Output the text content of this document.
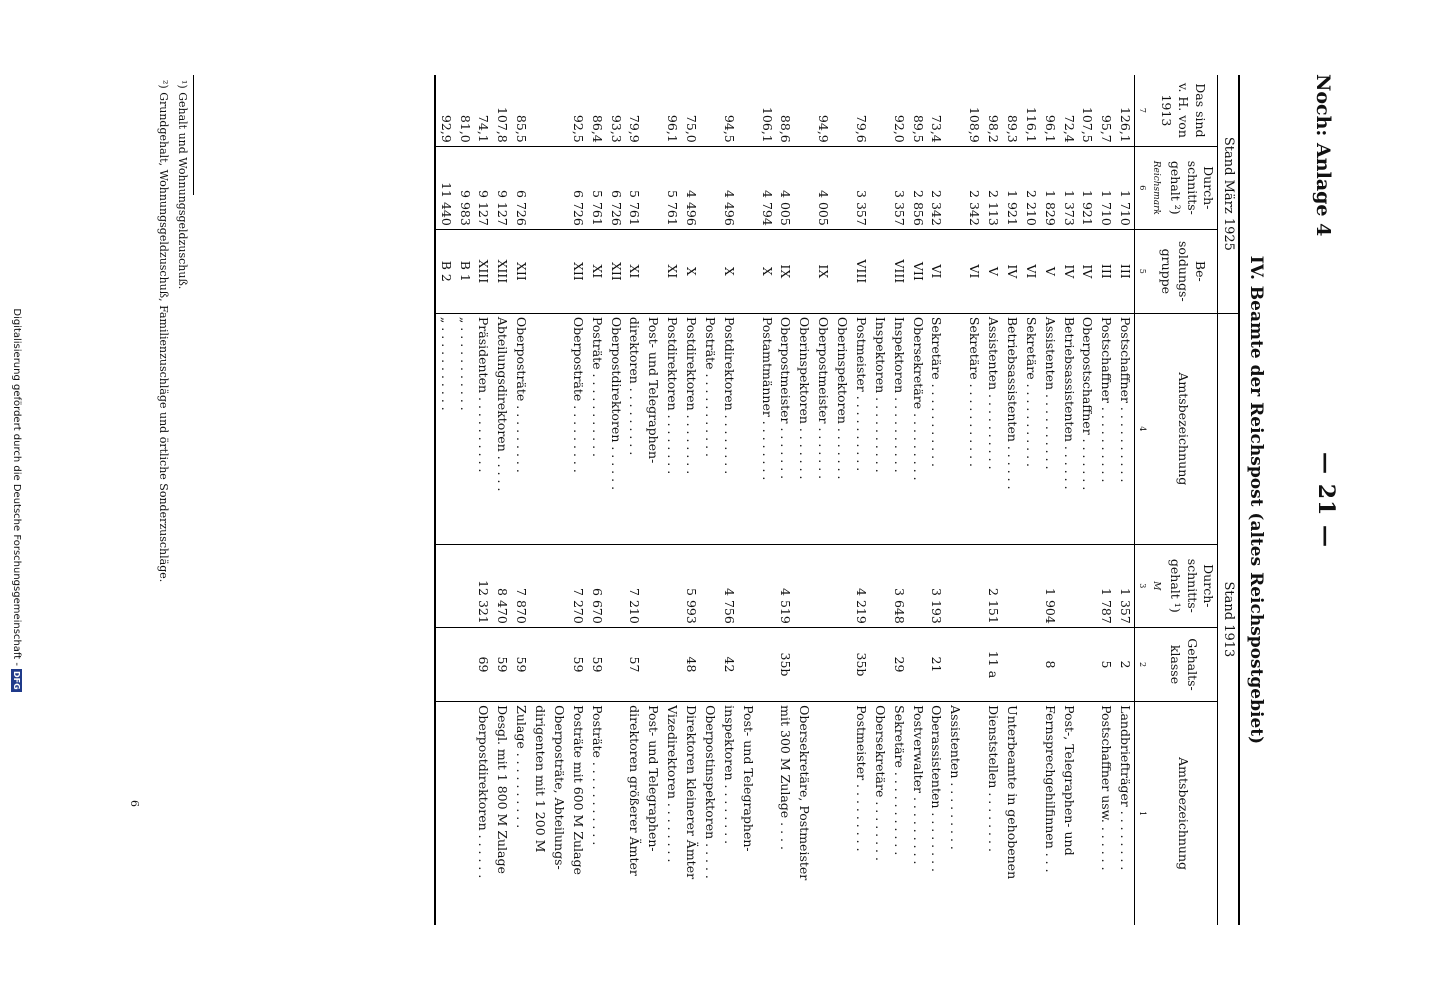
Noch: Anlage 4
— 21 —
IV. Beamte der Reichspost (altes Reichspostgebiet)
Stand März 1925			Stand 1913			
Das sind v. H. von 1913	Durch- schnitts- gehalt ²)
Reichsmark	Be- soldungs- gruppe	Amtsbezeichnung	Durch- schnitts- gehalt ¹)
M	Gehalts- klasse	Amtsbezeichnung
7	6	5	4	3	2	1
126,1	1 710	III	Postschaffner . . . . . . . . . .	1 357	2	Landbriefträger . . . . . . . .
95,7	1 710	III	Postschaffner . . . . . . . . . .	1 787	5	Postschaffner usw. . . . . . .
107,5	1 921	IV	Oberpostschaffner . . . . . . .			
72,4	1 373	IV	Betriebsassistenten . . . . . .			Post-, Telegraphen- und
96,1	1 829	V	Assistenten . . . . . . . . . .	1 904	8	Fernsprechgehilfinnen . . .
116,1	2 210	VI	Sekretäre . . . . . . . . . . .			
89,3	1 921	IV	Betriebsassistenten . . . . . .			Unterbeamte in gehobenen
98,2	2 113	V	Assistenten . . . . . . . . . .	2 151	11 a	Dienststellen . . . . . . . .
108,9	2 342	VI	Sekretäre . . . . . . . . . . .			
						Assistenten . . . . . . . . .
73,4	2 342	VI	Sekretäre . . . . . . . . . . .	3 193	21	Oberassistenten . . . . . . . .
89,5	2 856	VII	Obersekretäre . . . . . . . . .			Postverwalter . . . . . . . . .
92,0	3 357	VIII	Inspektoren . . . . . . . . . .	3 648	29	Sekretäre . . . . . . . . . . .
			Inspektoren . . . . . . . . . .			Obersekretäre . . . . . . . .
79,6	3 357	VIII	Postmeister . . . . . . . . . .	4 219	35b	Postmeister . . . . . . . . .
			Oberinspektoren . . . . . . .			
94,9	4 005	IX	Oberpostmeister . . . . . . .			
			Oberinspektoren . . . . . . .			Obersekretäre, Postmeister
88,6	4 005	IX	Oberpostmeister . . . . . . .	4 519	35b	mit 300 M Zulage . . . .
106,1	4 794	X	Postamtmänner . . . . . . . .			
						Post- und Telegraphen-
94,5	4 496	X	Postdirektoren . . . . . . . .	4 756	42	inspektoren . . . . . . . .
			Posträte . . . . . . . . . . .			Oberpostinspektoren . . . . .
75,0	4 496	X	Postdirektoren . . . . . . . .	5 993	48	Direktoren kleinerer Ämter
96,1	5 761	XI	Postdirektoren . . . . . . . .			Vizedirektoren . . . . . . . .
			Post- und Telegraphen-			Post- und Telegraphen-
79,9	5 761	XI	direktoren . . . . . . . . .	7 210	57	direktoren größerer Ämter
93,3	6 726	XII	Oberpostdirektoren . . . . . .			
86,4	5 761	XI	Posträte . . . . . . . . . . .	6 670	59	Posträte . . . . . . . . . . .
92,5	6 726	XII	Oberposträte . . . . . . . . .	7 270	59	Posträte mit 600 M Zulage
						Oberposträte, Abteilungs-
						dirigenten mit 1 200 M
85,5	6 726	XII	Oberposträte . . . . . . . . .	7 870	59	Zulage . . . . . . . . . .
107,8	9 127	XIII	Abteilungsdirektoren . . . . .	8 470	59	Desgl. mit 1 800 M Zulage
74,1	9 127	XIII	Präsidenten . . . . . . . . . .	12 321	69	Oberpostdirektoren . . . . . .
81,0	9 983	B 1	„ . . . . . . . . . . .			
92,9	11 440	B 2	„ . . . . . . . . . . .			
¹) Gehalt und Wohnungsgeldzuschuß.
²) Grundgehalt, Wohnungsgeldzuschuß, Familienzuschläge und örtliche Sonderzuschläge.
6
Digitalisierung gefördert durch die Deutsche Forschungsgemeinschaft -DFG
